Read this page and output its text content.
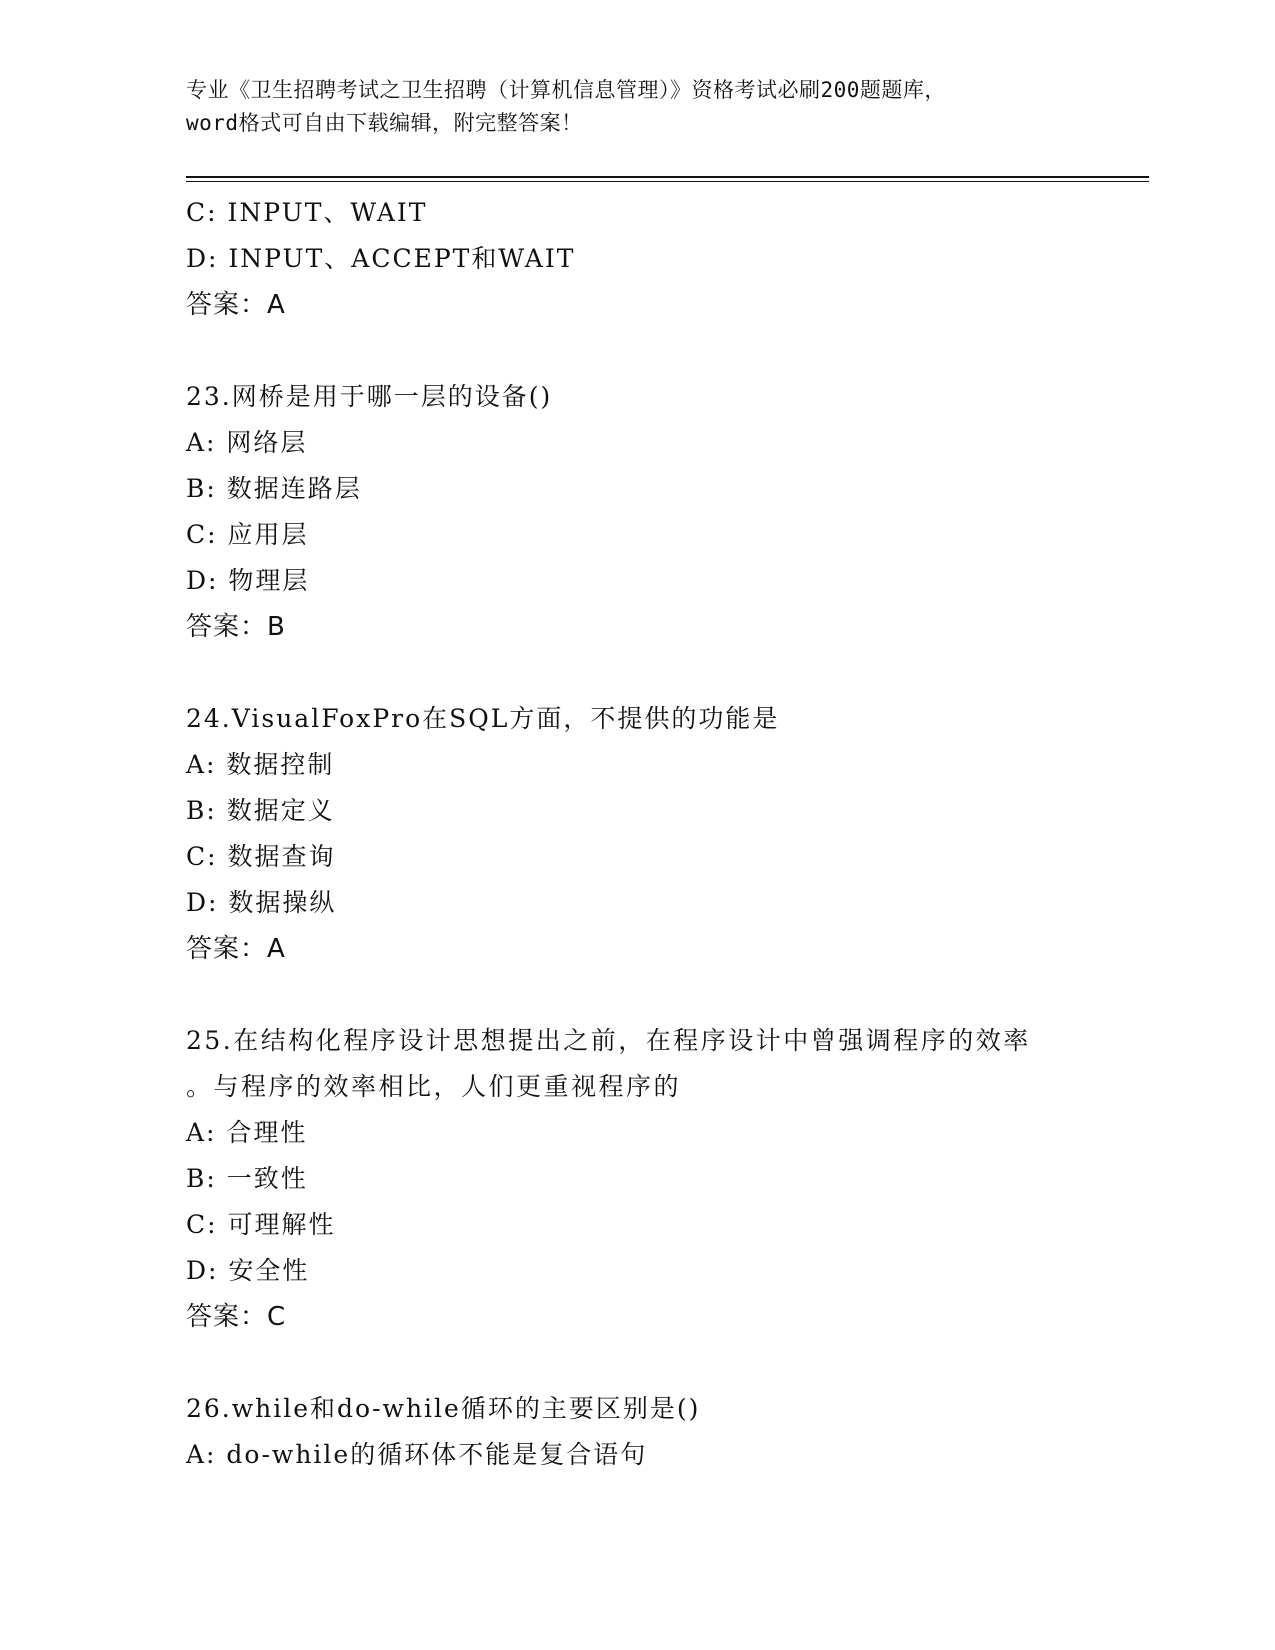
专业《卫生招聘考试之卫生招聘（计算机信息管理）》资格考试必刷200题题库，
word格式可自由下载编辑，附完整答案！
C: INPUT、WAIT
D: INPUT、ACCEPT和WAIT
答案：A
23.网桥是用于哪一层的设备()
A: 网络层
B: 数据连路层
C: 应用层
D: 物理层
答案：B
24.VisualFoxPro在SQL方面，不提供的功能是
A: 数据控制
B: 数据定义
C: 数据查询
D: 数据操纵
答案：A
25.在结构化程序设计思想提出之前，在程序设计中曾强调程序的效率
。与程序的效率相比，人们更重视程序的
A: 合理性
B: 一致性
C: 可理解性
D: 安全性
答案：C
26.while和do-while循环的主要区别是()
A: do-while的循环体不能是复合语句
